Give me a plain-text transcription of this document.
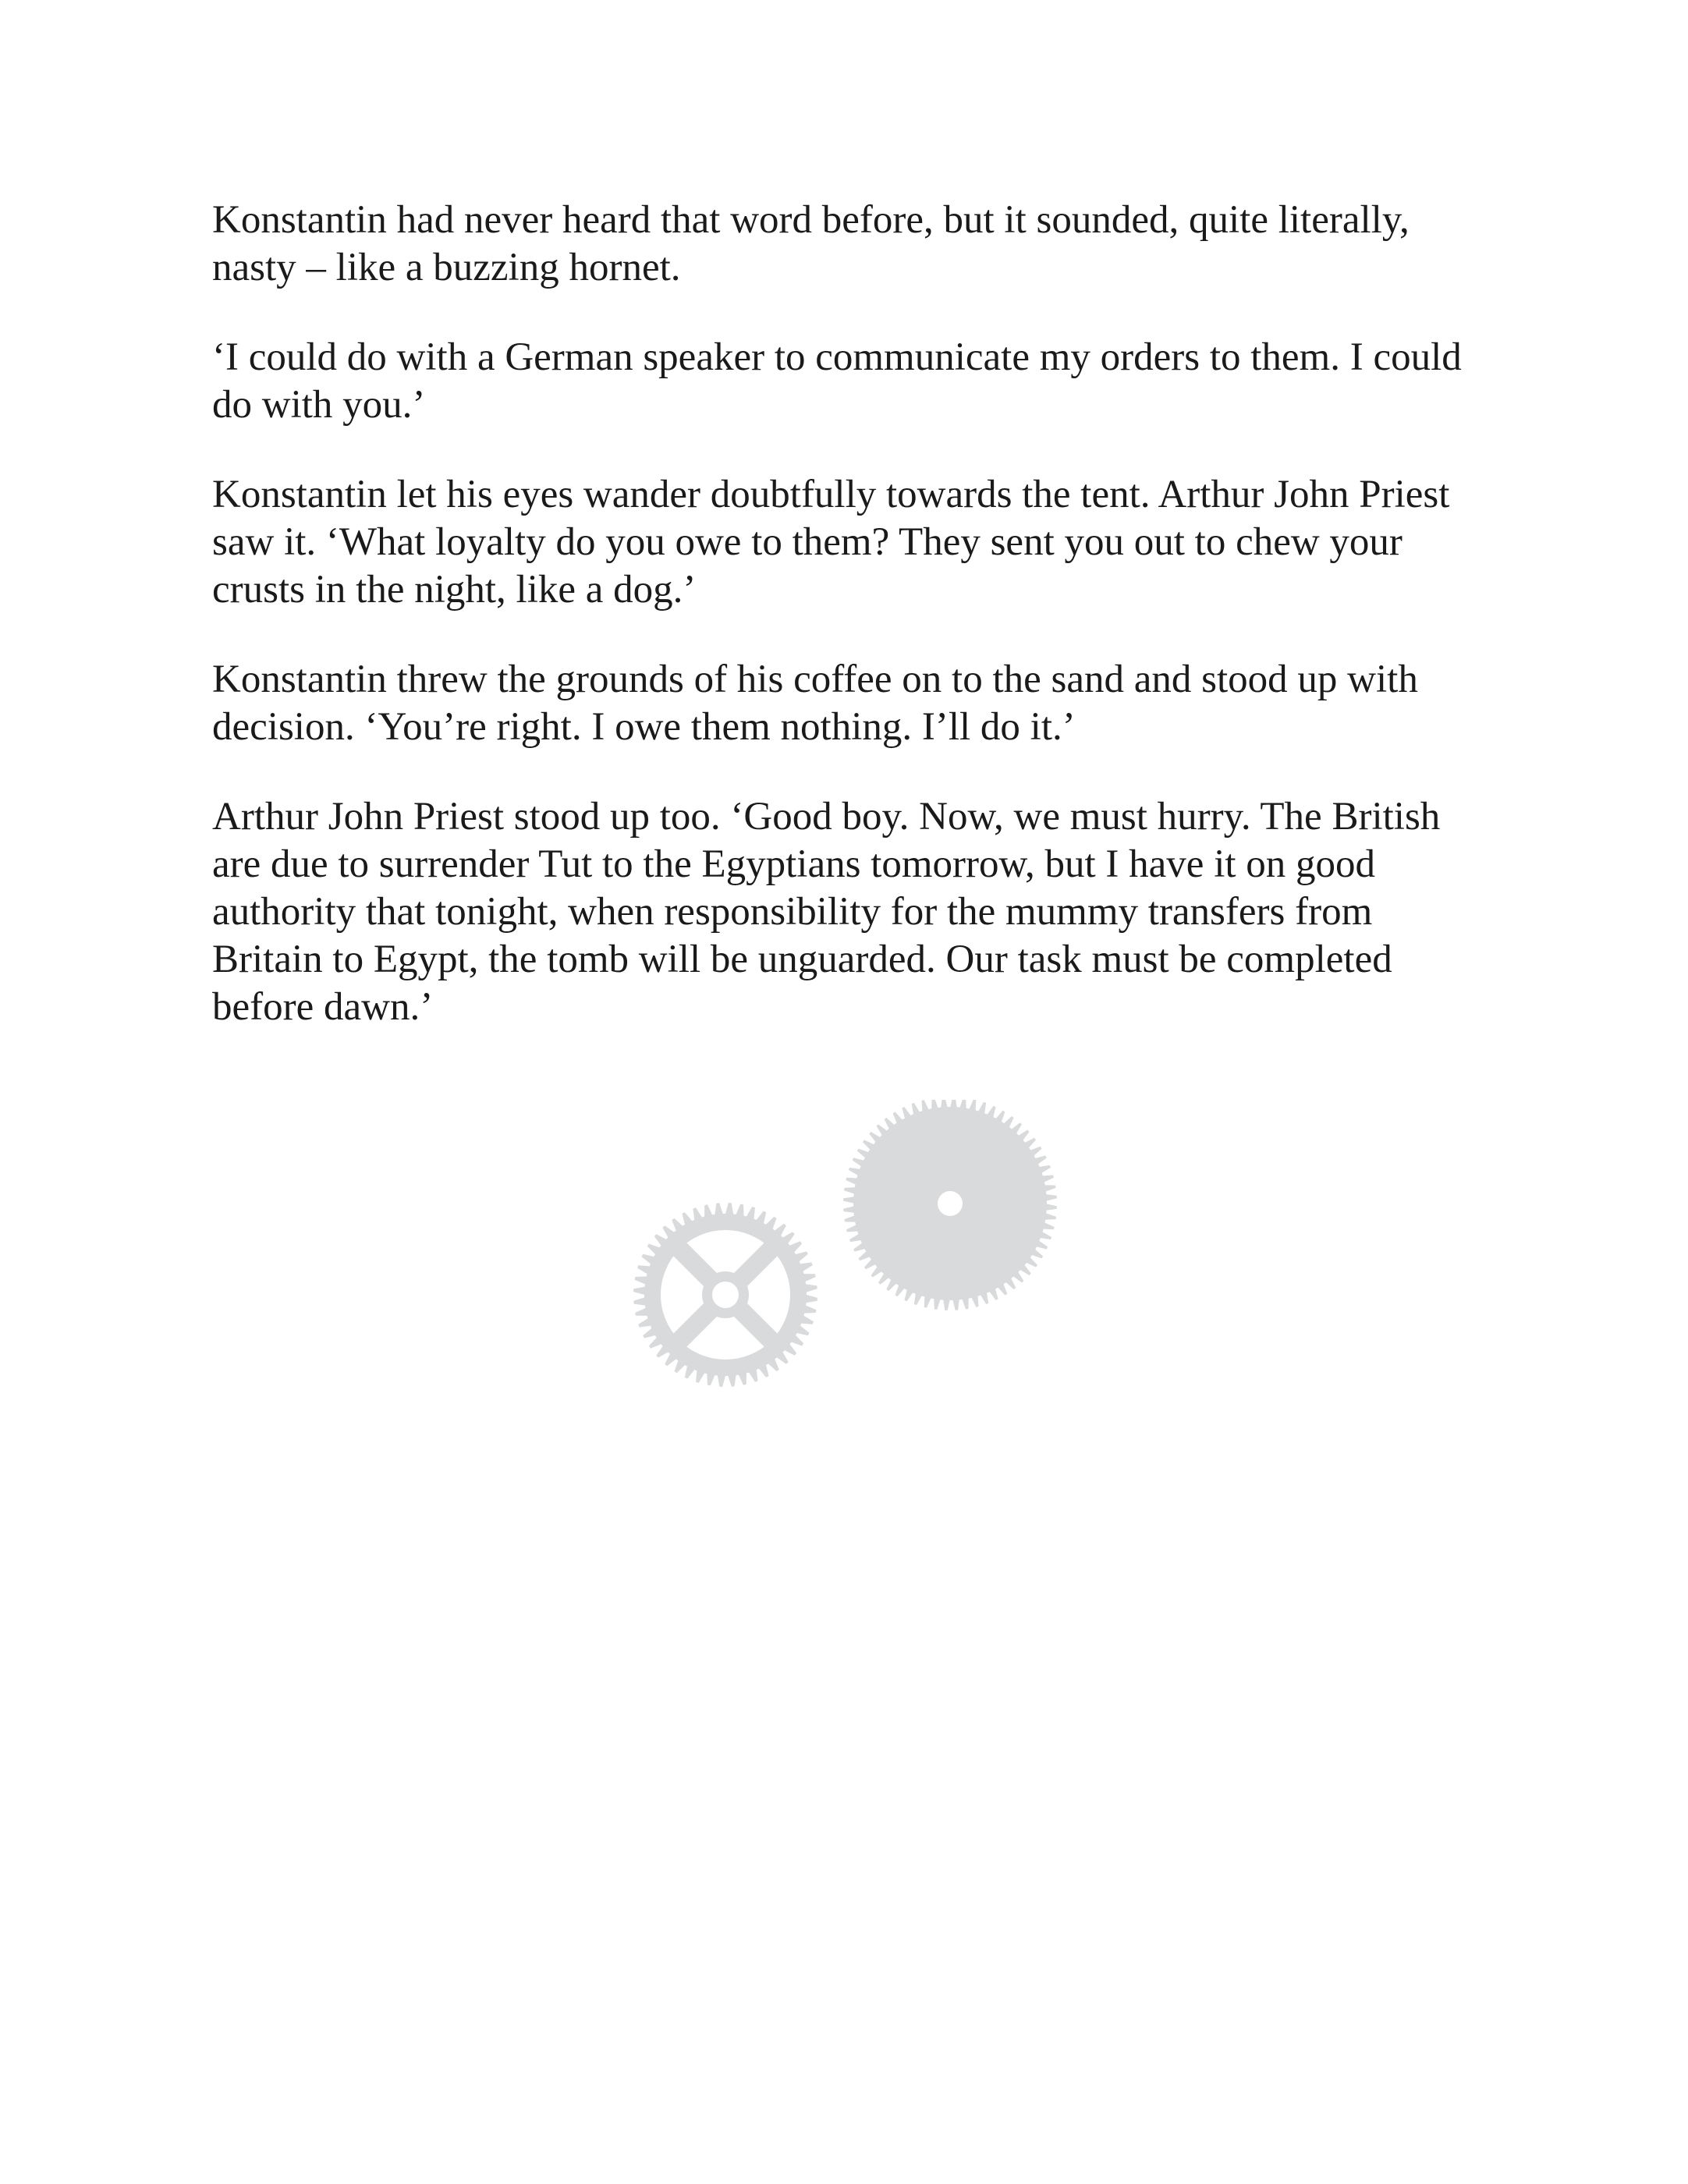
Konstantin had never heard that word before, but it sounded, quite literally, nasty – like a buzzing hornet.

‘I could do with a German speaker to communicate my orders to them. I could do with you.’

Konstantin let his eyes wander doubtfully towards the tent. Arthur John Priest saw it. ‘What loyalty do you owe to them? They sent you out to chew your crusts in the night, like a dog.’

Konstantin threw the grounds of his coffee on to the sand and stood up with decision. ‘You’re right. I owe them nothing. I’ll do it.’

Arthur John Priest stood up too. ‘Good boy. Now, we must hurry. The British are due to surrender Tut to the Egyptians tomorrow, but I have it on good authority that tonight, when responsibility for the mummy transfers from Britain to Egypt, the tomb will be unguarded. Our task must be completed before dawn.’
